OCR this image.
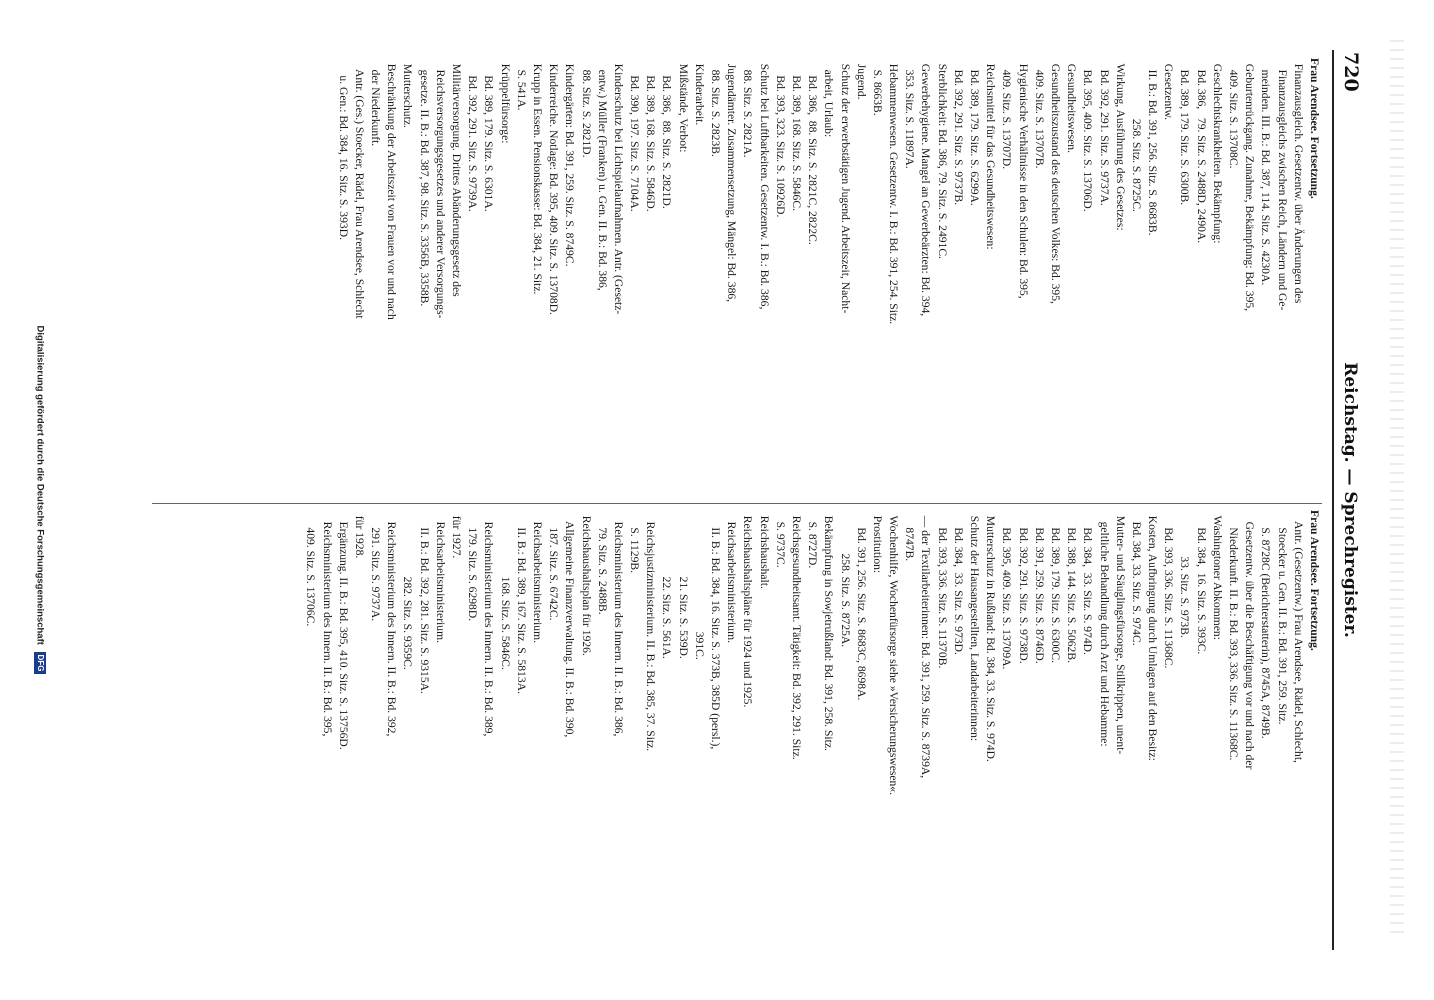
720
Reichstag. — Sprechregister.
Frau Arendsee. Fortsetzung.
Finanzausgleich. Gesetzentw. über Änderungen des
Finanzausgleichs zwischen Reich, Ländern und Ge-
meinden. III. B.: Bd. 387, 114. Sitz. S. 4230A.
Geburtenrückgang. Zunahme, Bekämpfung: Bd. 395,
409. Sitz. S. 13708C.
Geschlechtskrankheiten. Bekämpfung:
Bd. 386,   79. Sitz. S. 2488D, 2490A.
Bd. 389, 179. Sitz. S. 6300B.
Gesetzentw.
II. B.: Bd. 391, 256. Sitz. S. 8683B.
258. Sitz. S. 8725C.
Wirkung, Ausführung des Gesetzes:
Bd. 392, 291. Sitz. S. 9737A.
Bd. 395, 409. Sitz. S. 13706D.
Gesundheitswesen.
Gesundheitszustand des deutschen Volkes: Bd. 395,
409. Sitz. S. 13707B.
Hygienische Verhältnisse in den Schulen: Bd. 395,
409. Sitz. S. 13707D.
Reichsmittel für das Gesundheitswesen:
Bd. 389, 179. Sitz. S. 6299A.
Bd. 392, 291. Sitz. S. 9737B.
Sterblichkeit: Bd. 386, 79. Sitz. S. 2491C.
Gewerbehygiene. Mangel an Gewerbeärzten: Bd. 394,
353. Sitz. S. 11897A.
Hebammenwesen. Gesetzentw. I. B.: Bd. 391, 254. Sitz.
S. 8663B.
Jugend.
Schutz der erwerbstätigen Jugend. Arbeitszeit, Nacht-
arbeit, Urlaub:
Bd. 386,  88. Sitz. S. 2821C, 2822C.
Bd. 389, 168. Sitz. S. 5846C.
Bd. 393, 323. Sitz. S. 10926D.
Schutz bei Luftbarkeiten. Gesetzentw. I. B.: Bd. 386,
88. Sitz. S. 2821A.
Jugendämter. Zusammensetzung, Mängel: Bd. 386,
88. Sitz. S. 2823B.
Kinderarbeit.
Mißstände, Verbot:
Bd. 386,  88. Sitz. S. 2821D.
Bd. 389, 168. Sitz. S. 5846D.
Bd. 390, 197. Sitz. S. 7104A.
Kinderschutz bei Lichtspielaufnahmen. Antr. (Gesetz-
entw.) Müller (Franken) u. Gen. II. B.: Bd. 386,
88. Sitz. S. 2821D.
Kindergärten: Bd. 391, 259. Sitz. S. 8749C.
Kinderreiche. Notlage: Bd. 395, 409. Sitz. S. 13708D.
Krupp in Essen. Pensionskasse: Bd. 384, 21. Sitz.
S. 541A.
Krüppelfürsorge:
Bd. 389, 179. Sitz. S. 6301A.
Bd. 392, 291. Sitz. S. 9739A.
Militärversorgung. Drittes Abänderungsgesetz des
Reichsversorgungsgesetzes und anderer Versorgungs-
gesetze. II. B.: Bd. 387, 98. Sitz. S. 3356B, 3358B.
Mutterschutz.
Beschränkung der Arbeitszeit von Frauen vor und nach
der Niederkunft.
Antr. (Ges.) Stoecker, Rädel, Frau Arendsee, Schlecht
u. Gen.: Bd. 384, 16. Sitz. S. 393D.
Frau Arendsee. Fortsetzung.
Antr. (Gesetzentw.) Frau Arendsee, Rädel, Schlecht,
Stoecker u. Gen. II. B.: Bd. 391, 259. Sitz.
S. 8728C (Berichterstatterin), 8745A, 8749B.
Gesetzentw. über die Beschäftigung vor und nach der
Niederkunft. II. B.: Bd. 393, 336. Sitz. S. 11368C.
Washingtoner Abkommen:
Bd. 384,  16. Sitz. S. 393C.
33. Sitz. S. 973B.
Bd. 393, 336. Sitz. S. 11368C.
Kosten, Aufbringung durch Umlagen auf den Besitz:
Bd. 384, 33. Sitz. S. 974C.
Mutter- und Säuglingsfürsorge, Stillkrippen, unent-
geltliche Behandlung durch Arzt und Hebamme:
Bd. 384,  33. Sitz. S. 974D.
Bd. 388, 144. Sitz. S. 5062B.
Bd. 389, 179. Sitz. S. 6300C.
Bd. 391, 259. Sitz. S. 8746D.
Bd. 392, 291. Sitz. S. 9738D.
Bd. 395, 409. Sitz. S. 13709A.
Mutterschutz in Rußland: Bd. 384, 33. Sitz. S. 974D.
Schutz der Hausangestellten, Landarbeiterinnen:
Bd. 384,  33. Sitz. S. 973D.
Bd. 393, 336. Sitz. S. 11370B.
— der Textilarbeiterinnen: Bd. 391, 259. Sitz. S. 8739A,
8747B.
Wochenhilfe, Wochenfürsorge siehe »Versicherungswesen«.
Prostitution:
Bd. 391, 256. Sitz. S. 8683C, 8698A.
258. Sitz. S. 8725A.
Bekämpfung in Sowjetrußland: Bd. 391, 258. Sitz.
S. 8727D.
Reichsgesundheitsamt. Tätigkeit: Bd. 392, 291. Sitz.
S. 9737C.
Reichshaushalt.
Reichshaushaltspläne für 1924 und 1925.
Reichsarbeitsministerium.
II. B.: Bd. 384, 16. Sitz. S. 373B, 385D (persl.),
391C.
21. Sitz. S. 539D.
22. Sitz. S. 561A.
Reichsjustizministerium. II. B.: Bd. 385, 37. Sitz.
S. 1129B.
Reichsministerium des Innern. II. B.: Bd. 386,
79. Sitz. S. 2488B.
Reichshaushaltsplan für 1926.
Allgemeine Finanzverwaltung. II. B.: Bd. 390,
187. Sitz. S. 6742C.
Reichsarbeitsministerium.
II. B.: Bd. 389, 167. Sitz. S. 5813A.
168. Sitz. S. 5846C.
Reichsministerium des Innern. II. B.: Bd. 389,
179. Sitz. S. 6298D.
für 1927.
Reichsarbeitsministerium.
II. B.: Bd. 392, 281. Sitz. S. 9315A.
282. Sitz. S. 9359C.
Reichsministerium des Innern. II. B.: Bd. 392,
291. Sitz. S. 9737A.
für 1928.
Ergänzung. II. B.: Bd. 395, 410. Sitz. S. 13756D.
Reichsministerium des Innern. II. B.: Bd. 395,
409. Sitz. S. 13706C.
Digitalisierung gefördert durch die Deutsche Forschungsgemeinschaft DFG
